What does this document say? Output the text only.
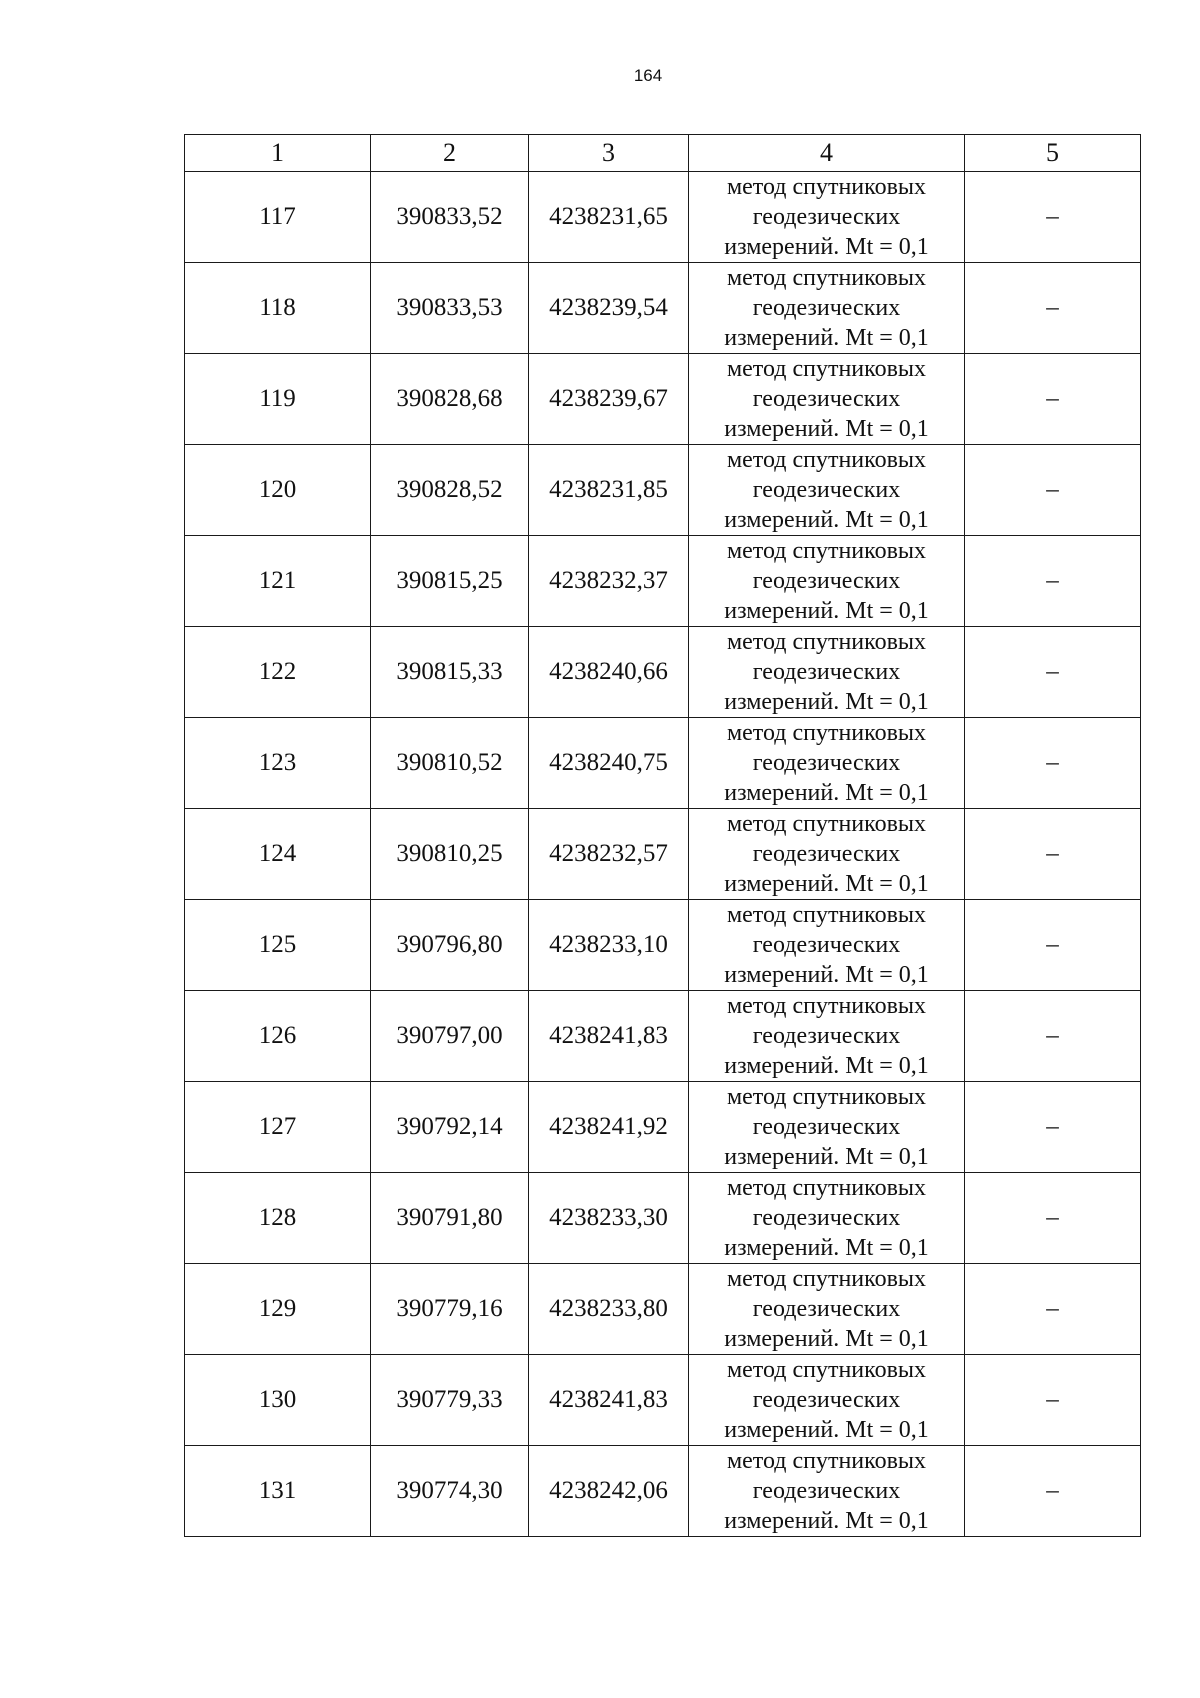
164
1	2	3	4	5
117	390833,52	4238231,65	метод спутниковых
геодезических
измерений. Mt = 0,1	–
118	390833,53	4238239,54	метод спутниковых
геодезических
измерений. Mt = 0,1	–
119	390828,68	4238239,67	метод спутниковых
геодезических
измерений. Mt = 0,1	–
120	390828,52	4238231,85	метод спутниковых
геодезических
измерений. Mt = 0,1	–
121	390815,25	4238232,37	метод спутниковых
геодезических
измерений. Mt = 0,1	–
122	390815,33	4238240,66	метод спутниковых
геодезических
измерений. Mt = 0,1	–
123	390810,52	4238240,75	метод спутниковых
геодезических
измерений. Mt = 0,1	–
124	390810,25	4238232,57	метод спутниковых
геодезических
измерений. Mt = 0,1	–
125	390796,80	4238233,10	метод спутниковых
геодезических
измерений. Mt = 0,1	–
126	390797,00	4238241,83	метод спутниковых
геодезических
измерений. Mt = 0,1	–
127	390792,14	4238241,92	метод спутниковых
геодезических
измерений. Mt = 0,1	–
128	390791,80	4238233,30	метод спутниковых
геодезических
измерений. Mt = 0,1	–
129	390779,16	4238233,80	метод спутниковых
геодезических
измерений. Mt = 0,1	–
130	390779,33	4238241,83	метод спутниковых
геодезических
измерений. Mt = 0,1	–
131	390774,30	4238242,06	метод спутниковых
геодезических
измерений. Mt = 0,1	–
